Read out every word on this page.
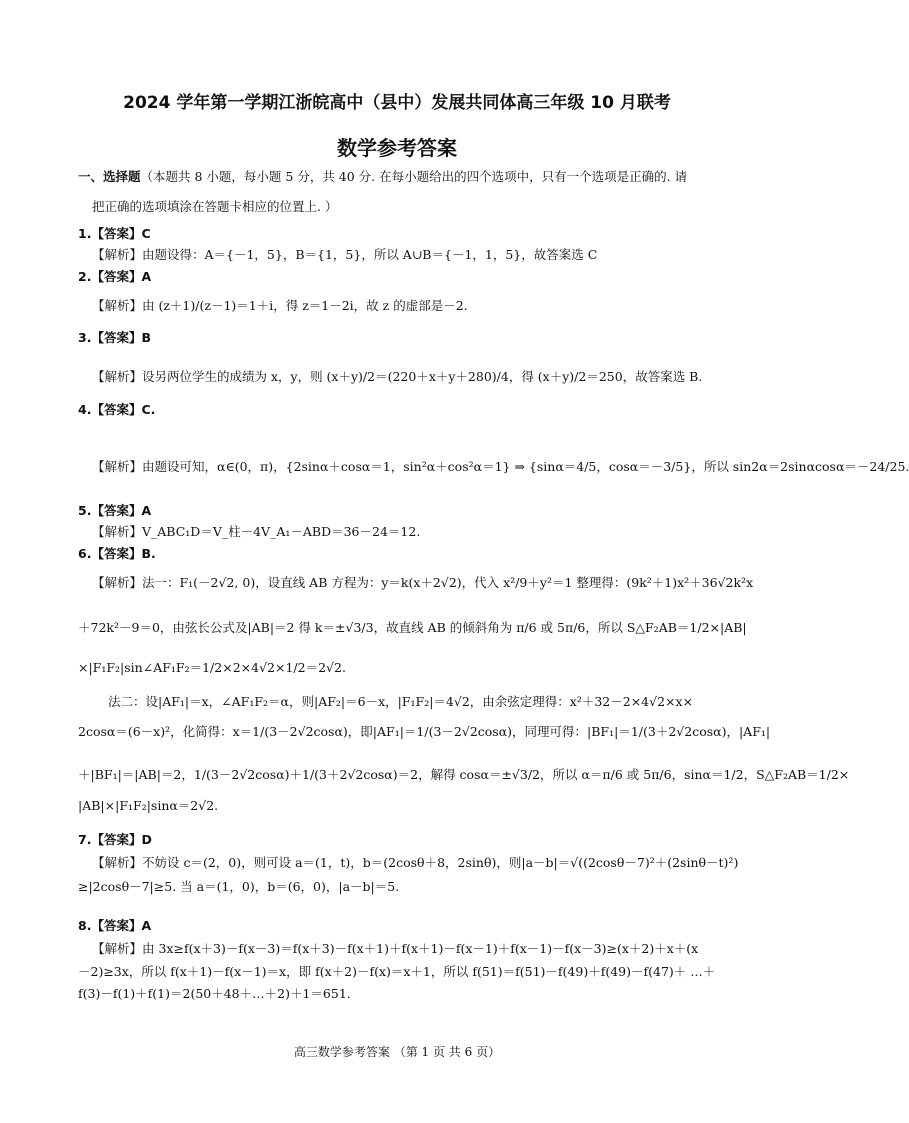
2024 学年第一学期江浙皖高中（县中）发展共同体高三年级 10 月联考
数学参考答案
一、选择题（本题共 8 小题，每小题 5 分，共 40 分. 在每小题给出的四个选项中，只有一个选项是正确的. 请
把正确的选项填涂在答题卡相应的位置上. ）
1.【答案】C
【解析】由题设得：A＝{－1，5}，B＝{1，5}，所以 A∪B＝{－1，1，5}，故答案选 C
2.【答案】A
【解析】由 (z＋1)/(z－1)＝1＋i，得 z＝1－2i，故 z 的虚部是－2.
3.【答案】B
【解析】设另两位学生的成绩为 x，y，则 (x＋y)/2＝(220＋x＋y＋280)/4，得 (x＋y)/2＝250，故答案选 B.
4.【答案】C.
【解析】由题设可知，α∈(0，π)，{2sinα＋cosα＝1，sin²α＋cos²α＝1} ⇒ {sinα＝4/5，cosα＝－3/5}，所以 sin2α＝2sinαcosα＝－24/25.
5.【答案】A
【解析】V_ABC₁D＝V_柱－4V_A₁－ABD＝36－24＝12.
6.【答案】B.
【解析】法一：F₁(－2√2, 0)，设直线 AB 方程为：y＝k(x＋2√2)，代入 x²/9＋y²＝1 整理得：(9k²＋1)x²＋36√2k²x
＋72k²－9＝0，由弦长公式及|AB|＝2 得 k＝±√3/3，故直线 AB 的倾斜角为 π/6 或 5π/6，所以 S△F₂AB＝1/2×|AB|
×|F₁F₂|sin∠AF₁F₂＝1/2×2×4√2×1/2＝2√2.
法二：设|AF₁|＝x，∠AF₁F₂＝α，则|AF₂|＝6－x，|F₁F₂|＝4√2，由余弦定理得：x²＋32－2×4√2×x×
2cosα＝(6－x)²，化简得：x＝1/(3－2√2cosα)，即|AF₁|＝1/(3－2√2cosα)，同理可得：|BF₁|＝1/(3＋2√2cosα)，|AF₁|
＋|BF₁|＝|AB|＝2，1/(3－2√2cosα)＋1/(3＋2√2cosα)＝2，解得 cosα＝±√3/2，所以 α＝π/6 或 5π/6，sinα＝1/2，S△F₂AB＝1/2×
|AB|×|F₁F₂|sinα＝2√2.
7.【答案】D
【解析】不妨设 c＝(2，0)，则可设 a＝(1，t)，b＝(2cosθ＋8，2sinθ)，则|a－b|＝√((2cosθ－7)²＋(2sinθ－t)²)
≥|2cosθ－7|≥5. 当 a＝(1，0)，b＝(6，0)，|a－b|＝5.
8.【答案】A
【解析】由 3x≥f(x＋3)－f(x－3)＝f(x＋3)－f(x＋1)＋f(x＋1)－f(x－1)＋f(x－1)－f(x－3)≥(x＋2)＋x＋(x
－2)≥3x，所以 f(x＋1)－f(x－1)＝x，即 f(x＋2)－f(x)＝x＋1，所以 f(51)＝f(51)－f(49)＋f(49)－f(47)＋ …＋
f(3)－f(1)＋f(1)＝2(50＋48＋…＋2)＋1＝651.
高三数学参考答案 （第 1 页 共 6 页）
